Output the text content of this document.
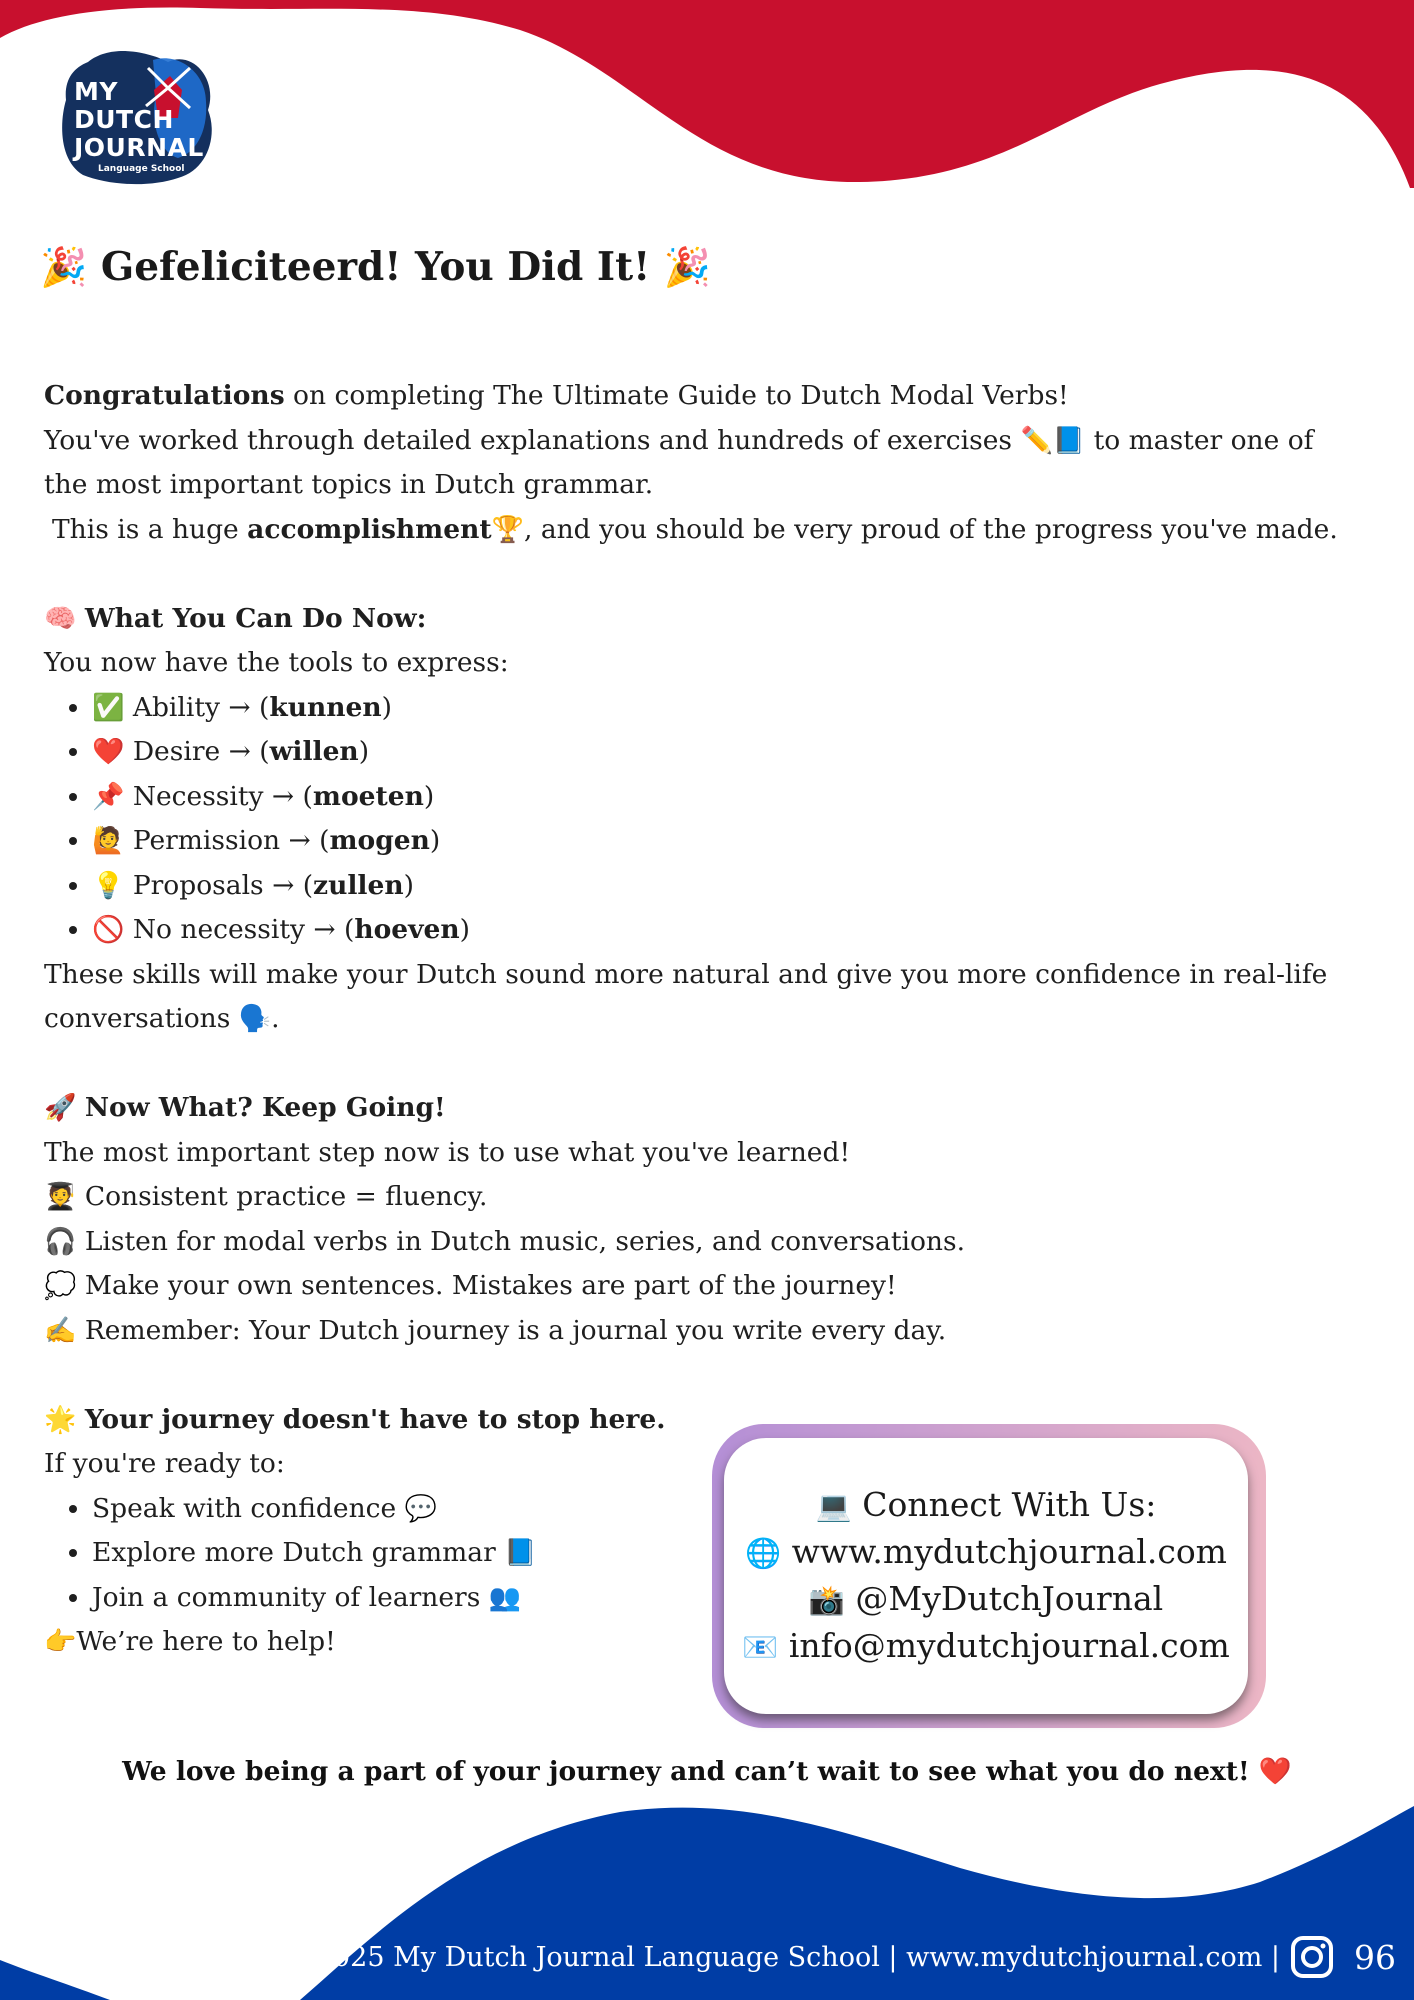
MY
DUTCH
JOURNAL
Language School
🎉 Gefeliciteerd! You Did It! 🎉

Congratulations on completing The Ultimate Guide to Dutch Modal Verbs!
You've worked through detailed explanations and hundreds of exercises ✏️📘 to master one of the most important topics in Dutch grammar.
This is a huge accomplishment🏆, and you should be very proud of the progress you've made.

🧠 What You Can Do Now:

You now have the tools to express:

• ✅ Ability → (kunnen)
• ❤️ Desire → (willen)
• 📌 Necessity → (moeten)
• 🙋 Permission → (mogen)
• 💡 Proposals → (zullen)
• 🚫 No necessity → (hoeven)

These skills will make your Dutch sound more natural and give you more confidence in real-life conversations 🗣️.

🚀 Now What? Keep Going!

The most important step now is to use what you've learned!

🧑‍🎓 Consistent practice = fluency.

🎧 Listen for modal verbs in Dutch music, series, and conversations.

💭 Make your own sentences. Mistakes are part of the journey!

✍️ Remember: Your Dutch journey is a journal you write every day.

🌟 Your journey doesn't have to stop here.

If you're ready to:

• Speak with confidence 💬
• Explore more Dutch grammar 📘
• Join a community of learners 👥

👉We’re here to help!

💻 Connect With Us:
🌐 www.mydutchjournal.com
📸 @MyDutchJournal
📧 info@mydutchjournal.com
We love being a part of your journey and can’t wait to see what you do next! ❤️
© 2025 My Dutch Journal Language School | www.mydutchjournal.com | 96
